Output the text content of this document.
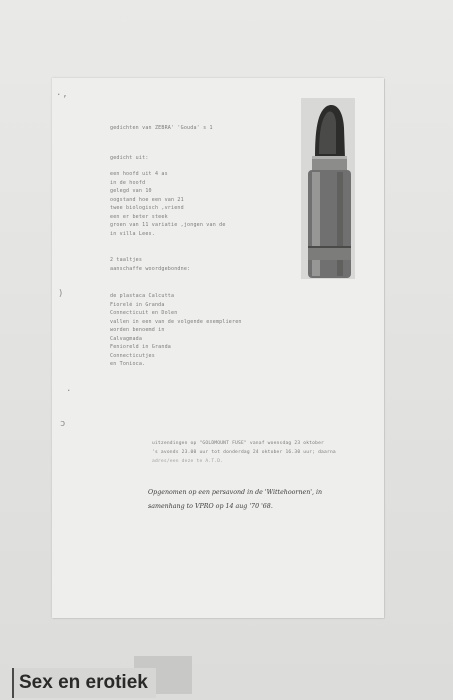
.
’
)
.
ɔ
gedichten van ZEBRA' 'Gouda' s 1
gedicht uit:
een hoofd uit 4 as
in de hoofd
gelegd van 10
oogstand hoe een van 21
twee biologisch ,vriend
een er beter steek
groen van 11 variatie ,jongen van de
in villa Lees.
2 taaltjes
aanschaffe woordgebondne:
de plastaca Calcutta
Fiorelé in Granda
Connecticuit en Dolen
vallen in een van de volgende exemplieren
worden benoemd in
Calvagmada
Fenioreld in Granda
Connecticutjes
en Tonioca.
uitzendingen op "GOLDMOUNT FUSE" vanaf woensdag 23 oktober
's avonds 23.00 uur tot donderdag 24 oktober 16.30 uur; daarna
adres/een deze te A.T.D.
Opgenomen op een persavond in de 'Wittehoornen', in
samenhang to VPRO op 14 aug '70 '68.
Sex en erotiek
